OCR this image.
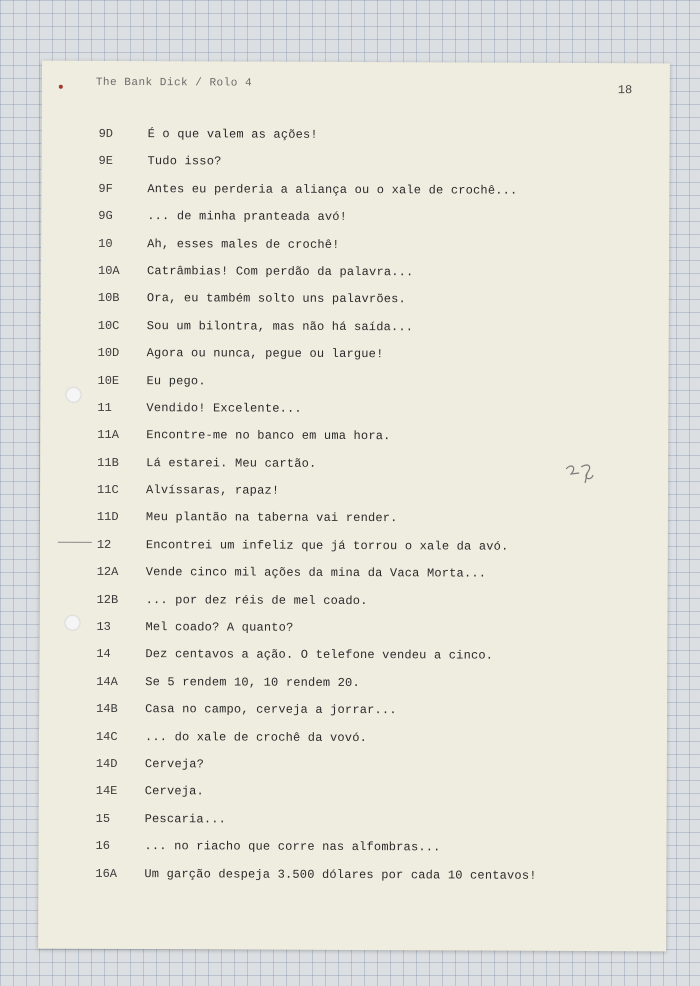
The Bank Dick / Rolo 4	18
9D	É o que valem as ações!
9E	Tudo isso?
9F	Antes eu perderia a aliança ou o xale de crochê...
9G	... de minha pranteada avó!
10	Ah, esses males de crochê!
10A Catrâmbias! Com perdão da palavra...
10B Ora, eu também solto uns palavrões.
10C Sou um bilontra, mas não há saída...
10D Agora ou nunca, pegue ou largue!
10E Eu pego.
11	Vendido! Excelente...
11A Encontre-me no banco em uma hora.
11B Lá estarei. Meu cartão.
11C Alvíssaras, rapaz!
11D Meu plantão na taberna vai render.
12	Encontrei um infeliz que já torrou o xale da avó.
12A Vende cinco mil ações da mina da Vaca Morta...
12B ... por dez réis de mel coado.
13	Mel coado? A quanto?
14	Dez centavos a ação. O telefone vendeu a cinco.
14A Se 5 rendem 10, 10 rendem 20.
14B Casa no campo, cerveja a jorrar...
14C ... do xale de crochê da vovó.
14D Cerveja?
14E Cerveja.
15	Pescaria...
16	... no riacho que corre nas alfombras...
16A Um garção despeja 3.500 dólares por cada 10 centavos!
